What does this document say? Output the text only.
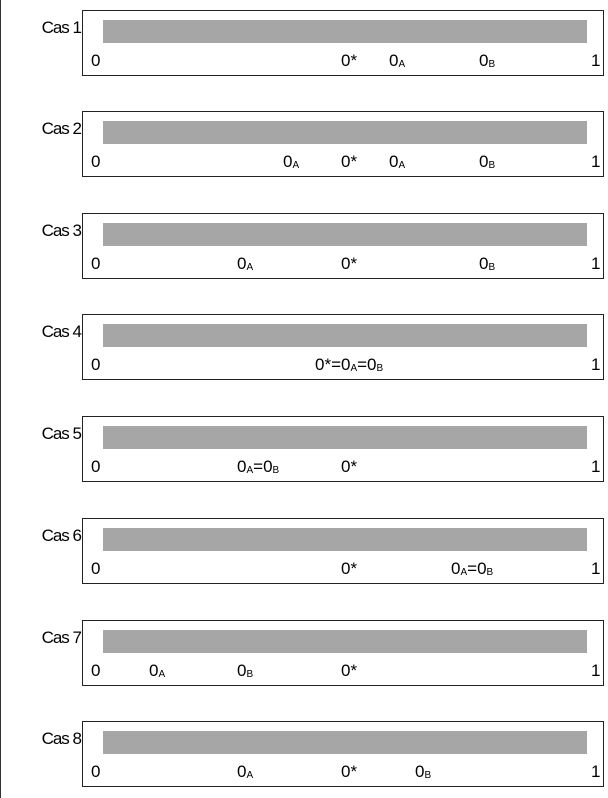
Cas 1
0	0* $0_A$	$0_B$	1
Cas 2
0	$0_A$ 0* $0_A$	$0_B$	1
Cas 3
0	$0_A$	0*	$0_B$	1
Cas 4
0	$0*=0_A=0_B$	1
Cas 5
0	$0_A=0_B$	0*	1
Cas 6
0	0*	$0_A=0_B$	1
Cas 7
0	$0_A$	$0_B$	0*	1
Cas 8
0	$0_A$	0*	$0_B$	1
